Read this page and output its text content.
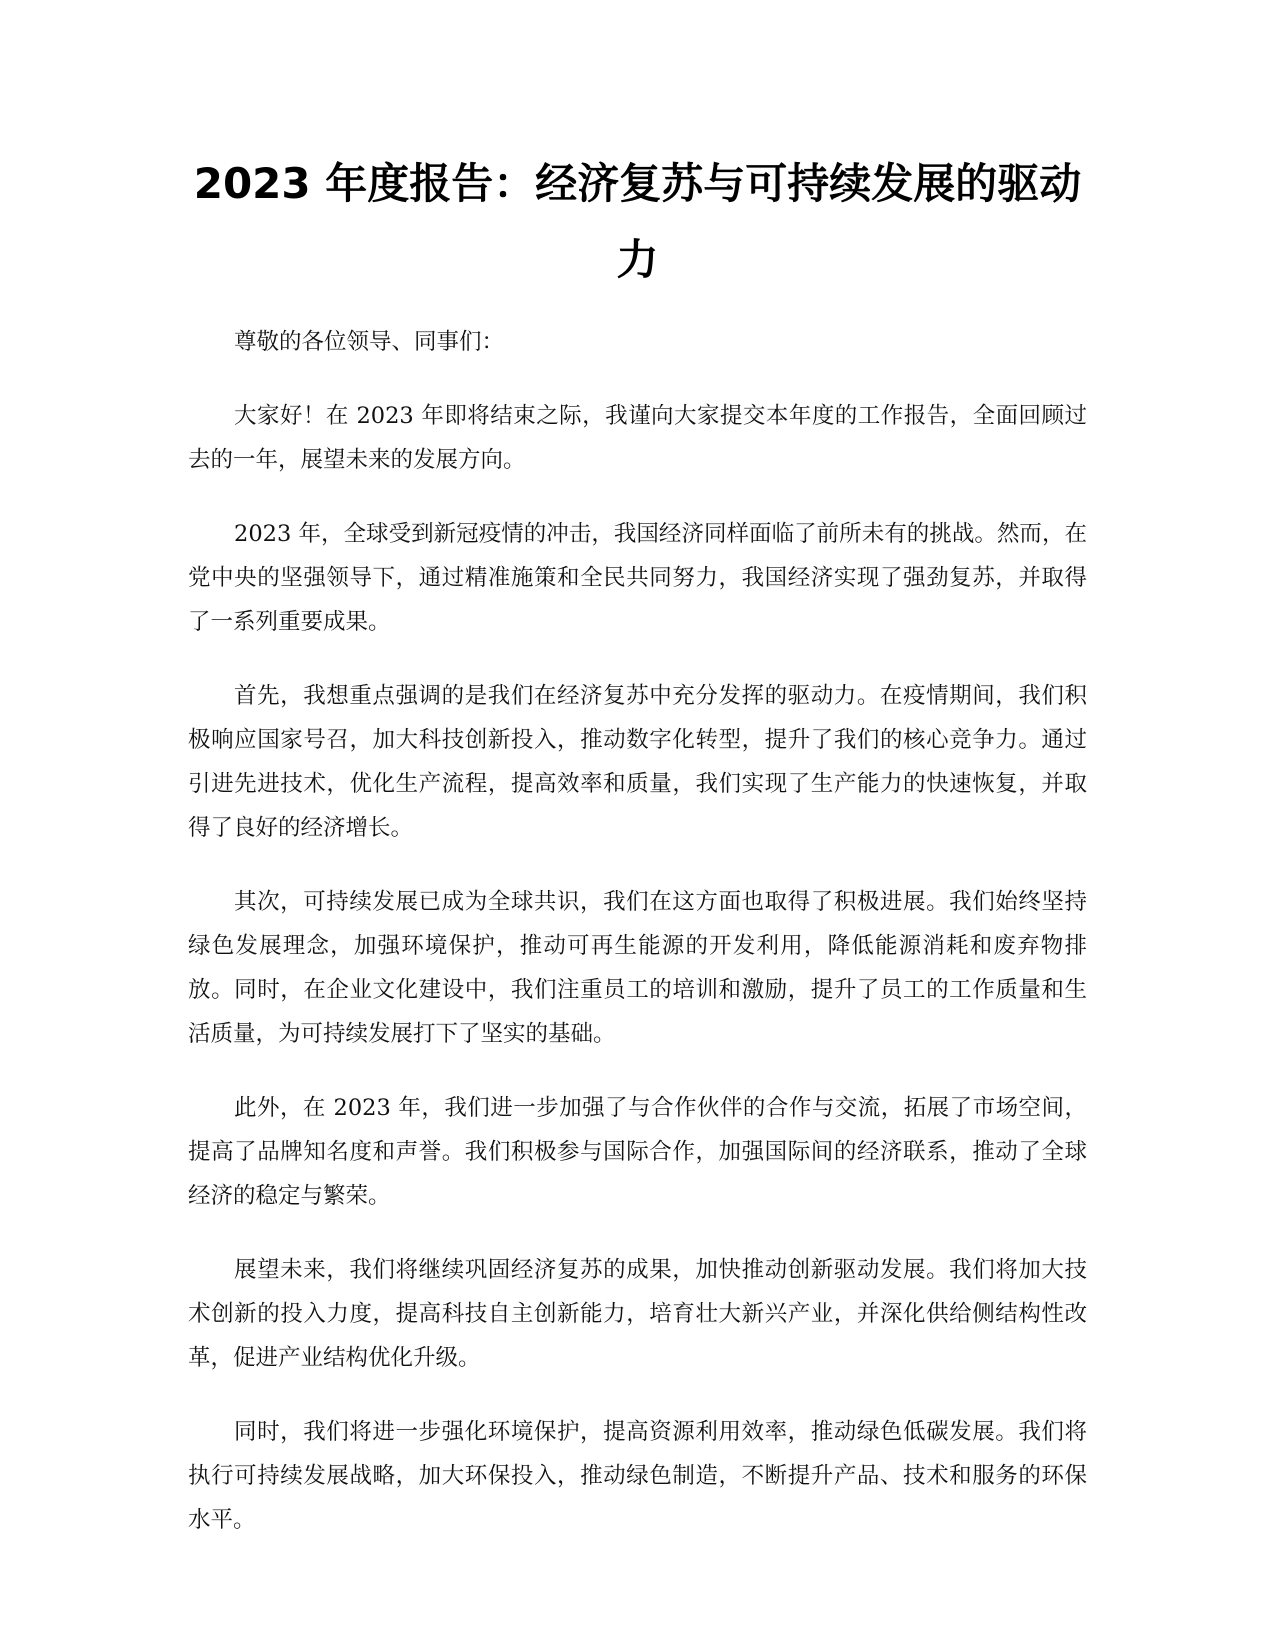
2023 年度报告：经济复苏与可持续发展的驱动力

尊敬的各位领导、同事们：

大家好！在 2023 年即将结束之际，我谨向大家提交本年度的工作报告，全面回顾过去的一年，展望未来的发展方向。

2023 年，全球受到新冠疫情的冲击，我国经济同样面临了前所未有的挑战。然而，在党中央的坚强领导下，通过精准施策和全民共同努力，我国经济实现了强劲复苏，并取得了一系列重要成果。

首先，我想重点强调的是我们在经济复苏中充分发挥的驱动力。在疫情期间，我们积极响应国家号召，加大科技创新投入，推动数字化转型，提升了我们的核心竞争力。通过引进先进技术，优化生产流程，提高效率和质量，我们实现了生产能力的快速恢复，并取得了良好的经济增长。

其次，可持续发展已成为全球共识，我们在这方面也取得了积极进展。我们始终坚持绿色发展理念，加强环境保护，推动可再生能源的开发利用，降低能源消耗和废弃物排放。同时，在企业文化建设中，我们注重员工的培训和激励，提升了员工的工作质量和生活质量，为可持续发展打下了坚实的基础。

此外，在 2023 年，我们进一步加强了与合作伙伴的合作与交流，拓展了市场空间，提高了品牌知名度和声誉。我们积极参与国际合作，加强国际间的经济联系，推动了全球经济的稳定与繁荣。

展望未来，我们将继续巩固经济复苏的成果，加快推动创新驱动发展。我们将加大技术创新的投入力度，提高科技自主创新能力，培育壮大新兴产业，并深化供给侧结构性改革，促进产业结构优化升级。

同时，我们将进一步强化环境保护，提高资源利用效率，推动绿色低碳发展。我们将执行可持续发展战略，加大环保投入，推动绿色制造，不断提升产品、技术和服务的环保水平。
